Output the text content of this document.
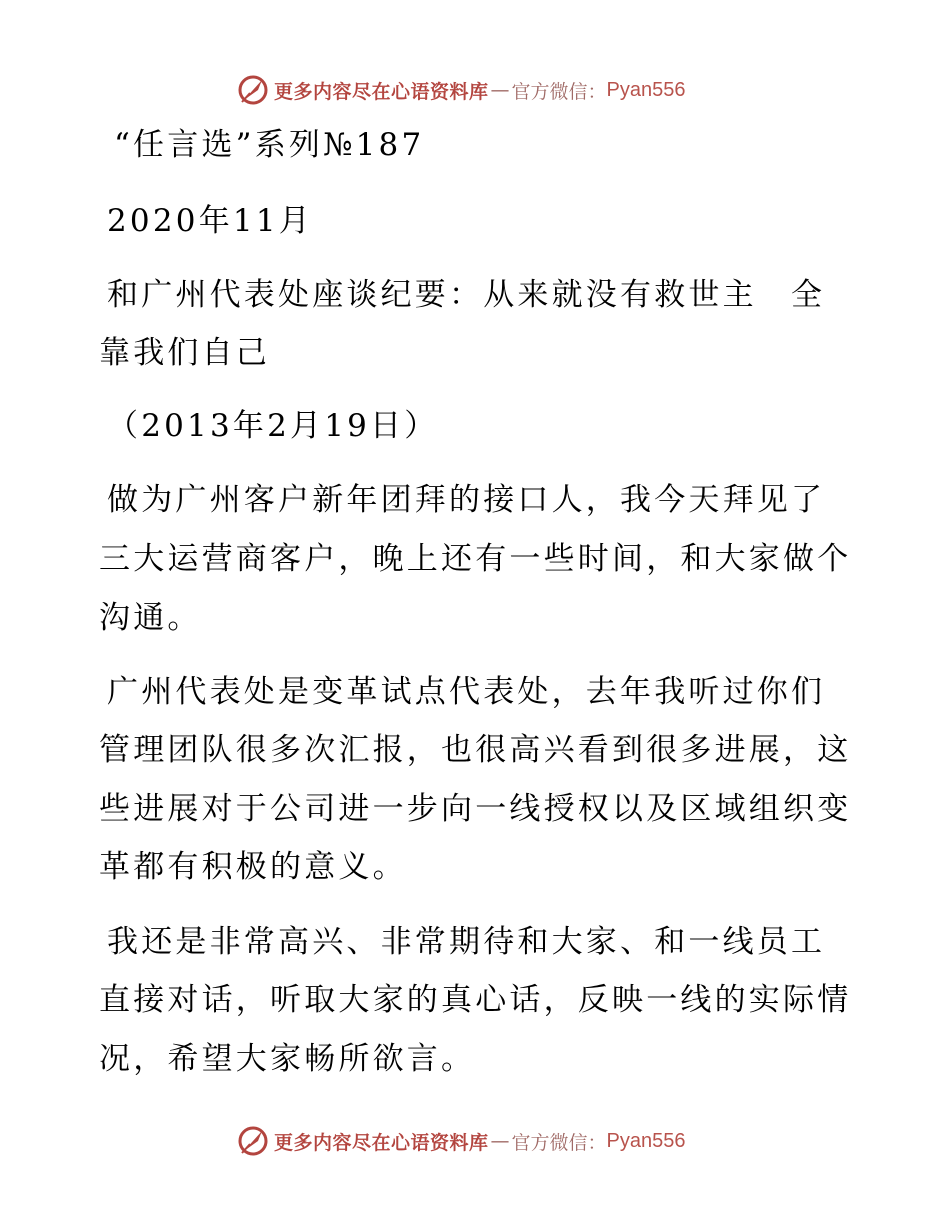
更多内容尽在心语资料库 — 官方微信： Pyan556
“任言选”系列№187
2020年11月
和广州代表处座谈纪要：从来就没有救世主　全
靠我们自己
（2013年2月19日）
做为广州客户新年团拜的接口人，我今天拜见了
三大运营商客户，晚上还有一些时间，和大家做个
沟通。
广州代表处是变革试点代表处，去年我听过你们
管理团队很多次汇报，也很高兴看到很多进展，这
些进展对于公司进一步向一线授权以及区域组织变
革都有积极的意义。
我还是非常高兴、非常期待和大家、和一线员工
直接对话，听取大家的真心话，反映一线的实际情
况，希望大家畅所欲言。
更多内容尽在心语资料库 — 官方微信： Pyan556
